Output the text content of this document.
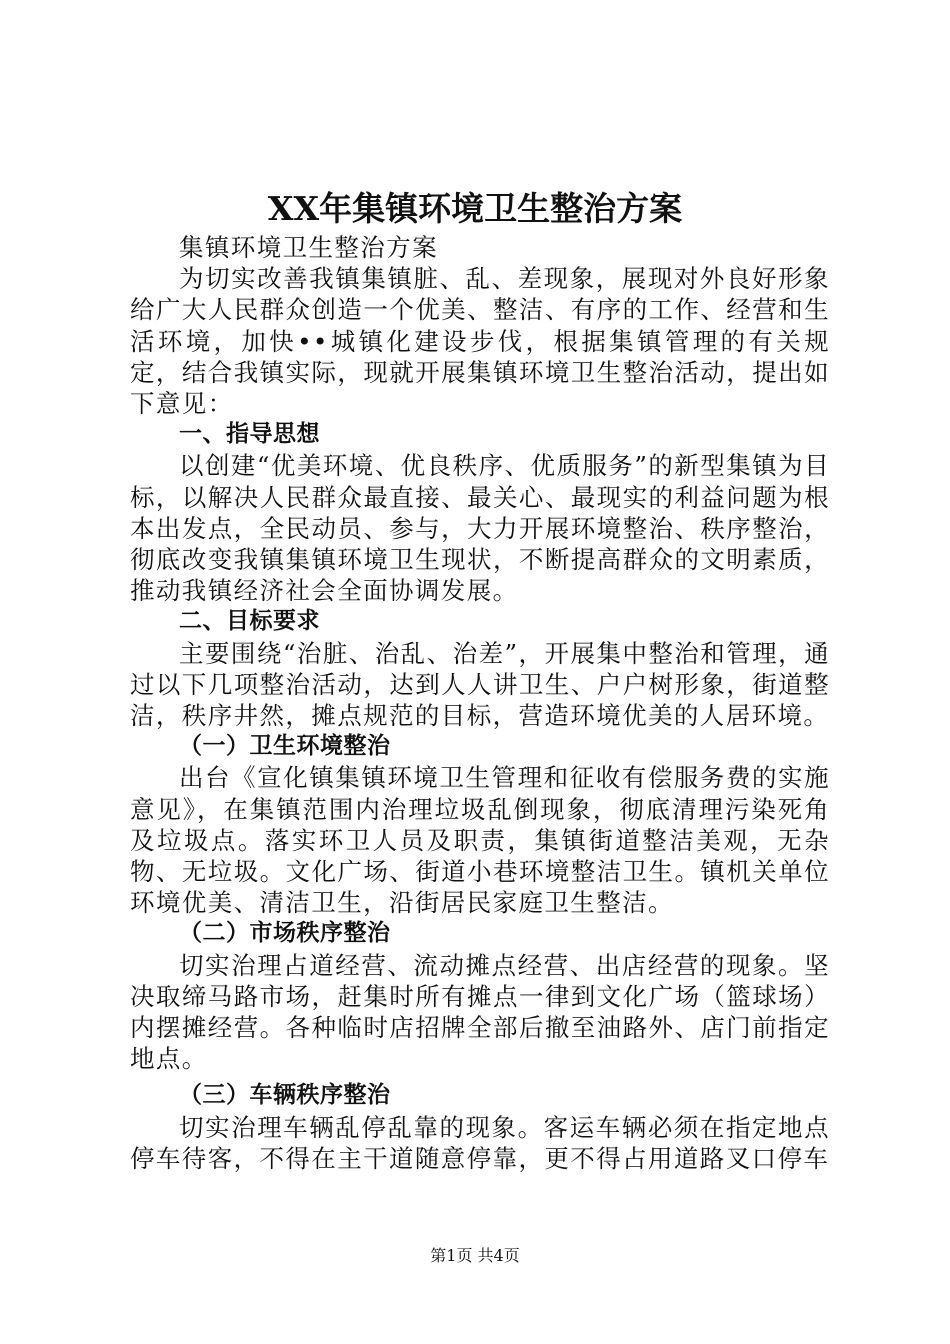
XX年集镇环境卫生整治方案

集镇环境卫生整治方案

为切实改善我镇集镇脏、乱、差现象，展现对外良好形象给广大人民群众创造一个优美、整洁、有序的工作、经营和生活环境，加快••城镇化建设步伐，根据集镇管理的有关规定，结合我镇实际，现就开展集镇环境卫生整治活动，提出如下意见：

一、指导思想

以创建“优美环境、优良秩序、优质服务”的新型集镇为目标，以解决人民群众最直接、最关心、最现实的利益问题为根本出发点，全民动员、参与，大力开展环境整治、秩序整治，彻底改变我镇集镇环境卫生现状，不断提高群众的文明素质，推动我镇经济社会全面协调发展。

二、目标要求

主要围绕“治脏、治乱、治差”，开展集中整治和管理，通过以下几项整治活动，达到人人讲卫生、户户树形象，街道整洁，秩序井然，摊点规范的目标，营造环境优美的人居环境。

（一）卫生环境整治

出台《宣化镇集镇环境卫生管理和征收有偿服务费的实施意见》，在集镇范围内治理垃圾乱倒现象，彻底清理污染死角及垃圾点。落实环卫人员及职责，集镇街道整洁美观，无杂物、无垃圾。文化广场、街道小巷环境整洁卫生。镇机关单位环境优美、清洁卫生，沿街居民家庭卫生整洁。

（二）市场秩序整治

切实治理占道经营、流动摊点经营、出店经营的现象。坚决取缔马路市场，赶集时所有摊点一律到文化广场（篮球场）内摆摊经营。各种临时店招牌全部后撤至油路外、店门前指定地点。

（三）车辆秩序整治

切实治理车辆乱停乱靠的现象。客运车辆必须在指定地点停车待客，不得在主干道随意停靠，更不得占用道路叉口停车

第1页 共4页
